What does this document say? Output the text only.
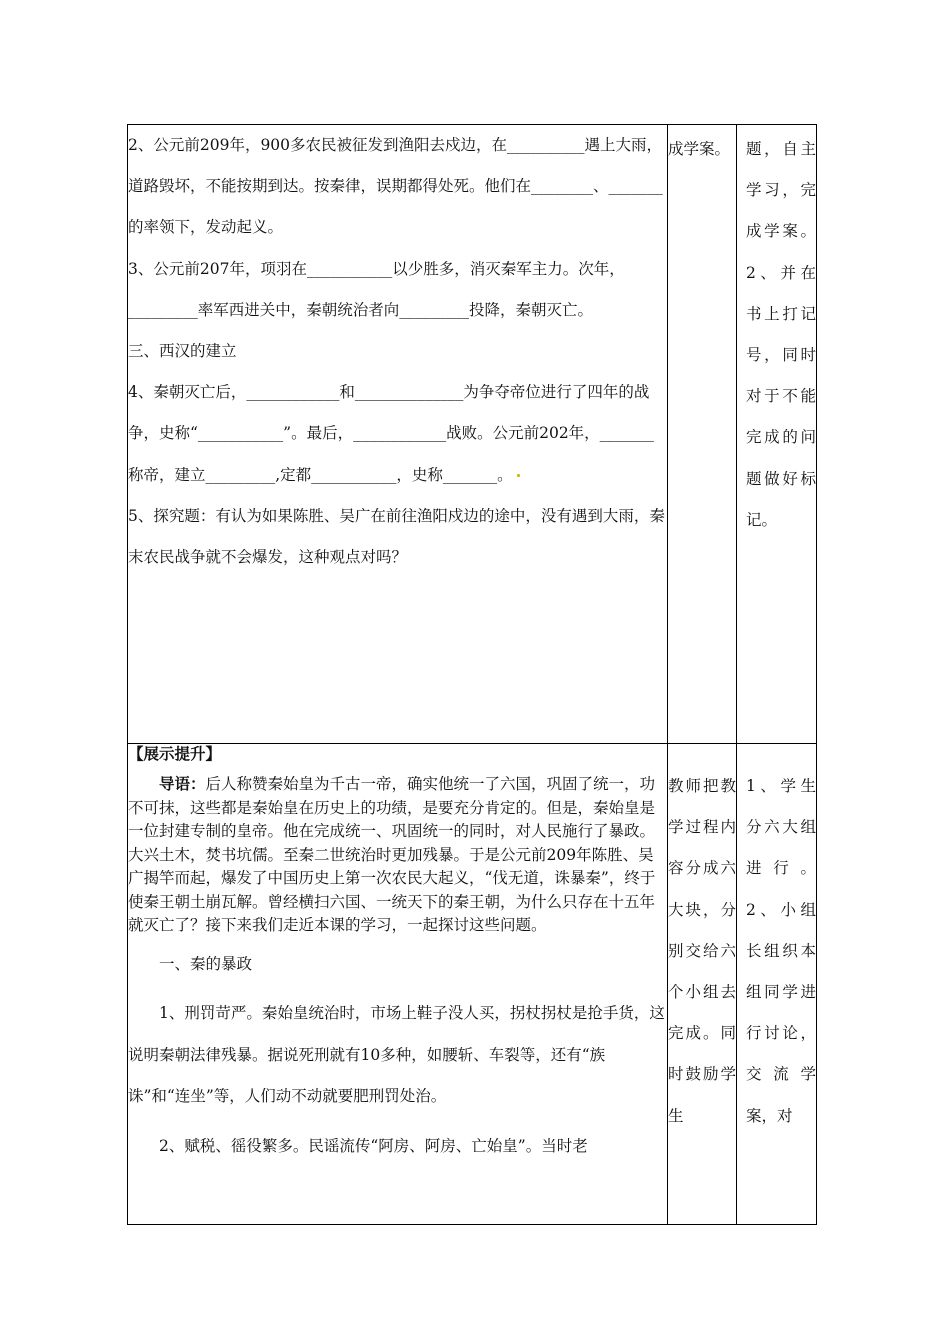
2、公元前209年，900多农民被征发到渔阳去戍边，在__________遇上大雨，道路毁坏，不能按期到达。按秦律，误期都得处死。他们在________、_______的率领下，发动起义。

3、公元前207年，项羽在___________以少胜多，消灭秦军主力。次年，_________率军西进关中，秦朝统治者向_________投降，秦朝灭亡。

三、西汉的建立

4、秦朝灭亡后，____________和______________为争夺帝位进行了四年的战争，史称“___________”。最后，____________战败。公元前202年，_______称帝，建立_________,定都___________，史称_______。

5、探究题：有认为如果陈胜、吴广在前往渔阳戍边的途中，没有遇到大雨，秦末农民战争就不会爆发，这种观点对吗？	成学案。	题，自主学习，完成学案。2、并在书上打记号，同时对于不能完成的问题做好标记。

【展示提升】

导语：后人称赞秦始皇为千古一帝，确实他统一了六国，巩固了统一，功不可抹，这些都是秦始皇在历史上的功绩，是要充分肯定的。但是，秦始皇是一位封建专制的皇帝。他在完成统一、巩固统一的同时，对人民施行了暴政。大兴土木，焚书坑儒。至秦二世统治时更加残暴。于是公元前209年陈胜、吴广揭竿而起，爆发了中国历史上第一次农民大起义，“伐无道，诛暴秦”，终于使秦王朝土崩瓦解。曾经横扫六国、一统天下的秦王朝，为什么只存在十五年就灭亡了？接下来我们走近本课的学习，一起探讨这些问题。

一、秦的暴政

1、刑罚苛严。秦始皇统治时，市场上鞋子没人买，拐杖拐杖是抢手货，这说明秦朝法律残暴。据说死刑就有10多种，如腰斩、车裂等，还有“族诛”和“连坐”等，人们动不动就要肥刑罚处治。

2、赋税、徭役繁多。民谣流传“阿房、阿房、亡始皇”。当时老	教师把教学过程内容分成六大块，分别交给六个小组去完成。同时鼓励学生	1、学生分六大组进行。2、小组长组织本组同学进行讨论，交流学案，对
